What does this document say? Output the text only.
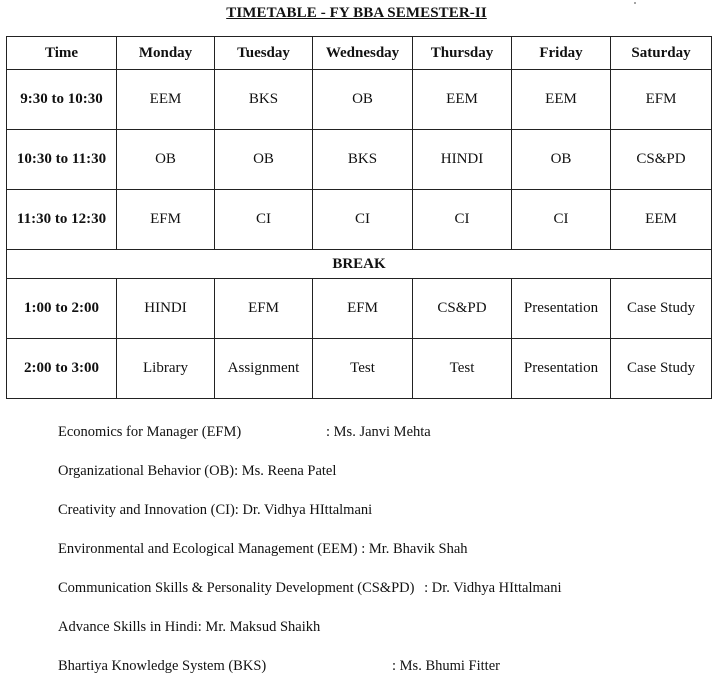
TIMETABLE - FY BBA SEMESTER-II
Time	Monday	Tuesday	Wednesday	Thursday	Friday	Saturday
9:30 to 10:30	EEM	BKS	OB	EEM	EEM	EFM
10:30 to 11:30	OB	OB	BKS	HINDI	OB	CS&PD
11:30 to 12:30	EFM	CI	CI	CI	CI	EEM
BREAK						
1:00 to 2:00	HINDI	EFM	EFM	CS&PD	Presentation	Case Study
2:00 to 3:00	Library	Assignment	Test	Test	Presentation	Case Study
Economics for Manager (EFM)	: Ms. Janvi Mehta
Organizational Behavior (OB): Ms. Reena Patel
Creativity and Innovation (CI): Dr. Vidhya HIttalmani
Environmental and Ecological Management (EEM) : Mr. Bhavik Shah
Communication Skills & Personality Development (CS&PD) : Dr. Vidhya HIttalmani
Advance Skills in Hindi: Mr. Maksud Shaikh
Bhartiya Knowledge System (BKS)	: Ms. Bhumi Fitter
